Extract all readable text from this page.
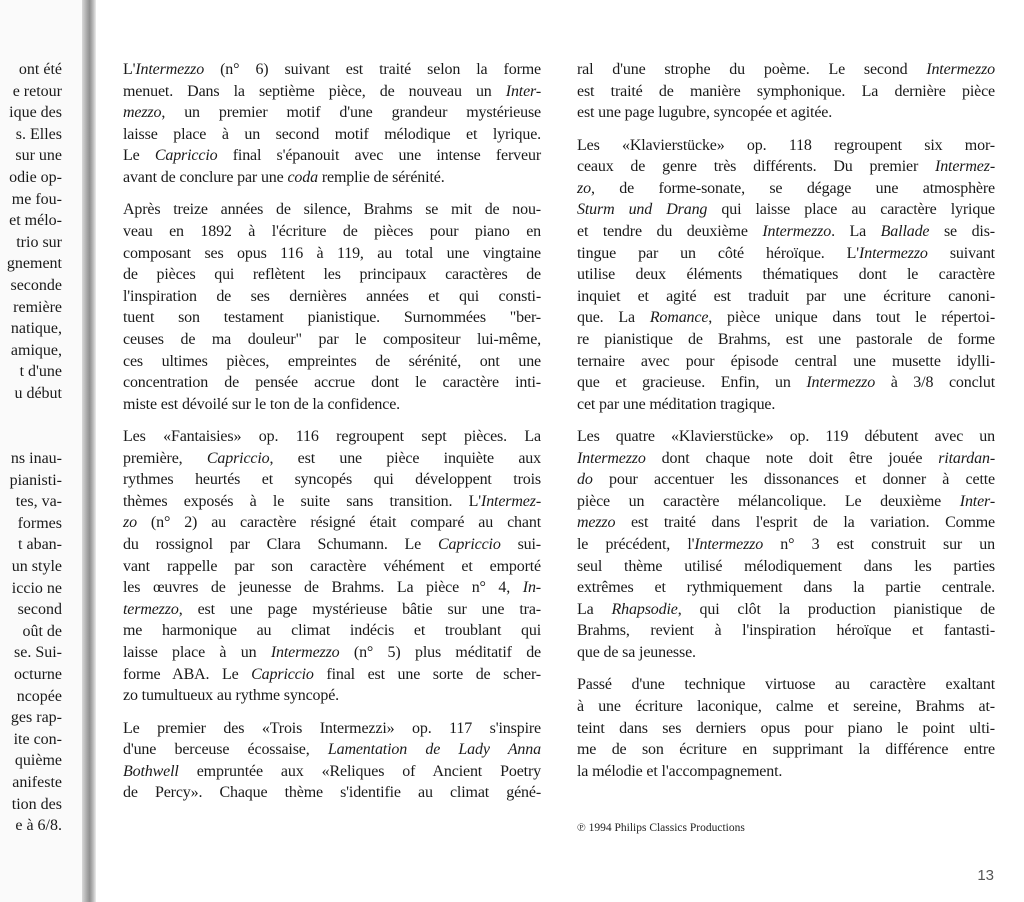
ont été
e retour
ique des
s. Elles
sur une
odie op-
me fou-
et mélo-
trio sur
gnement
seconde
remière
natique,
amique,
t d'une
u début
ns inau-
pianisti-
tes, va-
formes
t aban-
un style
iccio ne
second
oût de
se. Sui-
octurne
ncopée
ges rap-
ite con-
quième
anifeste
tion des
e à 6/8.

L'Intermezzo (n° 6) suivant est traité selon la forme
menuet. Dans la septième pièce, de nouveau un Inter-
mezzo, un premier motif d'une grandeur mystérieuse
laisse place à un second motif mélodique et lyrique.
Le Capriccio final s'épanouit avec une intense ferveur
avant de conclure par une coda remplie de sérénité.

Après treize années de silence, Brahms se mit de nou-
veau en 1892 à l'écriture de pièces pour piano en
composant ses opus 116 à 119, au total une vingtaine
de pièces qui reflètent les principaux caractères de
l'inspiration de ses dernières années et qui consti-
tuent son testament pianistique. Surnommées "ber-
ceuses de ma douleur" par le compositeur lui-même,
ces ultimes pièces, empreintes de sérénité, ont une
concentration de pensée accrue dont le caractère inti-
miste est dévoilé sur le ton de la confidence.

Les «Fantaisies» op. 116 regroupent sept pièces. La
première, Capriccio, est une pièce inquiète aux
rythmes heurtés et syncopés qui développent trois
thèmes exposés à le suite sans transition. L'Intermez-
zo (n° 2) au caractère résigné était comparé au chant
du rossignol par Clara Schumann. Le Capriccio sui-
vant rappelle par son caractère véhément et emporté
les œuvres de jeunesse de Brahms. La pièce n° 4, In-
termezzo, est une page mystérieuse bâtie sur une tra-
me harmonique au climat indécis et troublant qui
laisse place à un Intermezzo (n° 5) plus méditatif de
forme ABA. Le Capriccio final est une sorte de scher-
zo tumultueux au rythme syncopé.

Le premier des «Trois Intermezzi» op. 117 s'inspire
d'une berceuse écossaise, Lamentation de Lady Anna
Bothwell empruntée aux «Reliques of Ancient Poetry
de Percy». Chaque thème s'identifie au climat géné-

ral d'une strophe du poème. Le second Intermezzo
est traité de manière symphonique. La dernière pièce
est une page lugubre, syncopée et agitée.

Les «Klavierstücke» op. 118 regroupent six mor-
ceaux de genre très différents. Du premier Intermez-
zo, de forme-sonate, se dégage une atmosphère
Sturm und Drang qui laisse place au caractère lyrique
et tendre du deuxième Intermezzo. La Ballade se dis-
tingue par un côté héroïque. L'Intermezzo suivant
utilise deux éléments thématiques dont le caractère
inquiet et agité est traduit par une écriture canoni-
que. La Romance, pièce unique dans tout le répertoi-
re pianistique de Brahms, est une pastorale de forme
ternaire avec pour épisode central une musette idylli-
que et gracieuse. Enfin, un Intermezzo à 3/8 conclut
cet par une méditation tragique.

Les quatre «Klavierstücke» op. 119 débutent avec un
Intermezzo dont chaque note doit être jouée ritardan-
do pour accentuer les dissonances et donner à cette
pièce un caractère mélancolique. Le deuxième Inter-
mezzo est traité dans l'esprit de la variation. Comme
le précédent, l'Intermezzo n° 3 est construit sur un
seul thème utilisé mélodiquement dans les parties
extrêmes et rythmiquement dans la partie centrale.
La Rhapsodie, qui clôt la production pianistique de
Brahms, revient à l'inspiration héroïque et fantasti-
que de sa jeunesse.

Passé d'une technique virtuose au caractère exaltant
à une écriture laconique, calme et sereine, Brahms at-
teint dans ses derniers opus pour piano le point ulti-
me de son écriture en supprimant la différence entre
la mélodie et l'accompagnement.

℗ 1994 Philips Classics Productions
13
